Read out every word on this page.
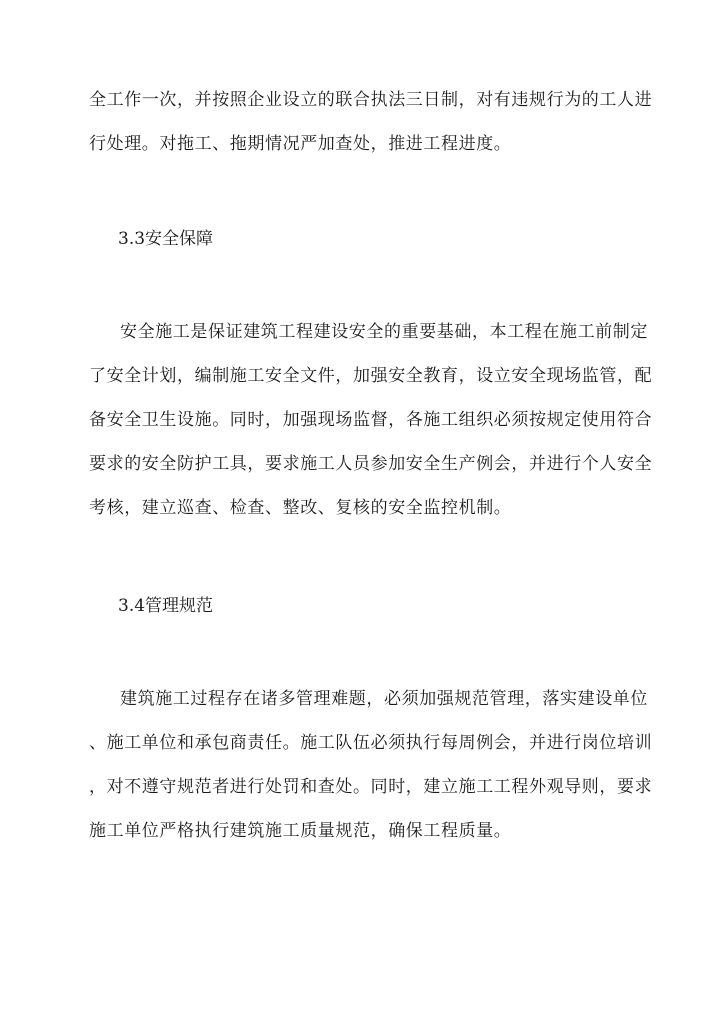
全工作一次，并按照企业设立的联合执法三日制，对有违规行为的工人进
行处理。对拖工、拖期情况严加查处，推进工程进度。
3.3安全保障
安全施工是保证建筑工程建设安全的重要基础，本工程在施工前制定
了安全计划，编制施工安全文件，加强安全教育，设立安全现场监管，配
备安全卫生设施。同时，加强现场监督，各施工组织必须按规定使用符合
要求的安全防护工具，要求施工人员参加安全生产例会，并进行个人安全
考核，建立巡查、检查、整改、复核的安全监控机制。
3.4管理规范
建筑施工过程存在诸多管理难题，必须加强规范管理，落实建设单位
、施工单位和承包商责任。施工队伍必须执行每周例会，并进行岗位培训
，对不遵守规范者进行处罚和查处。同时，建立施工工程外观导则，要求
施工单位严格执行建筑施工质量规范，确保工程质量。
